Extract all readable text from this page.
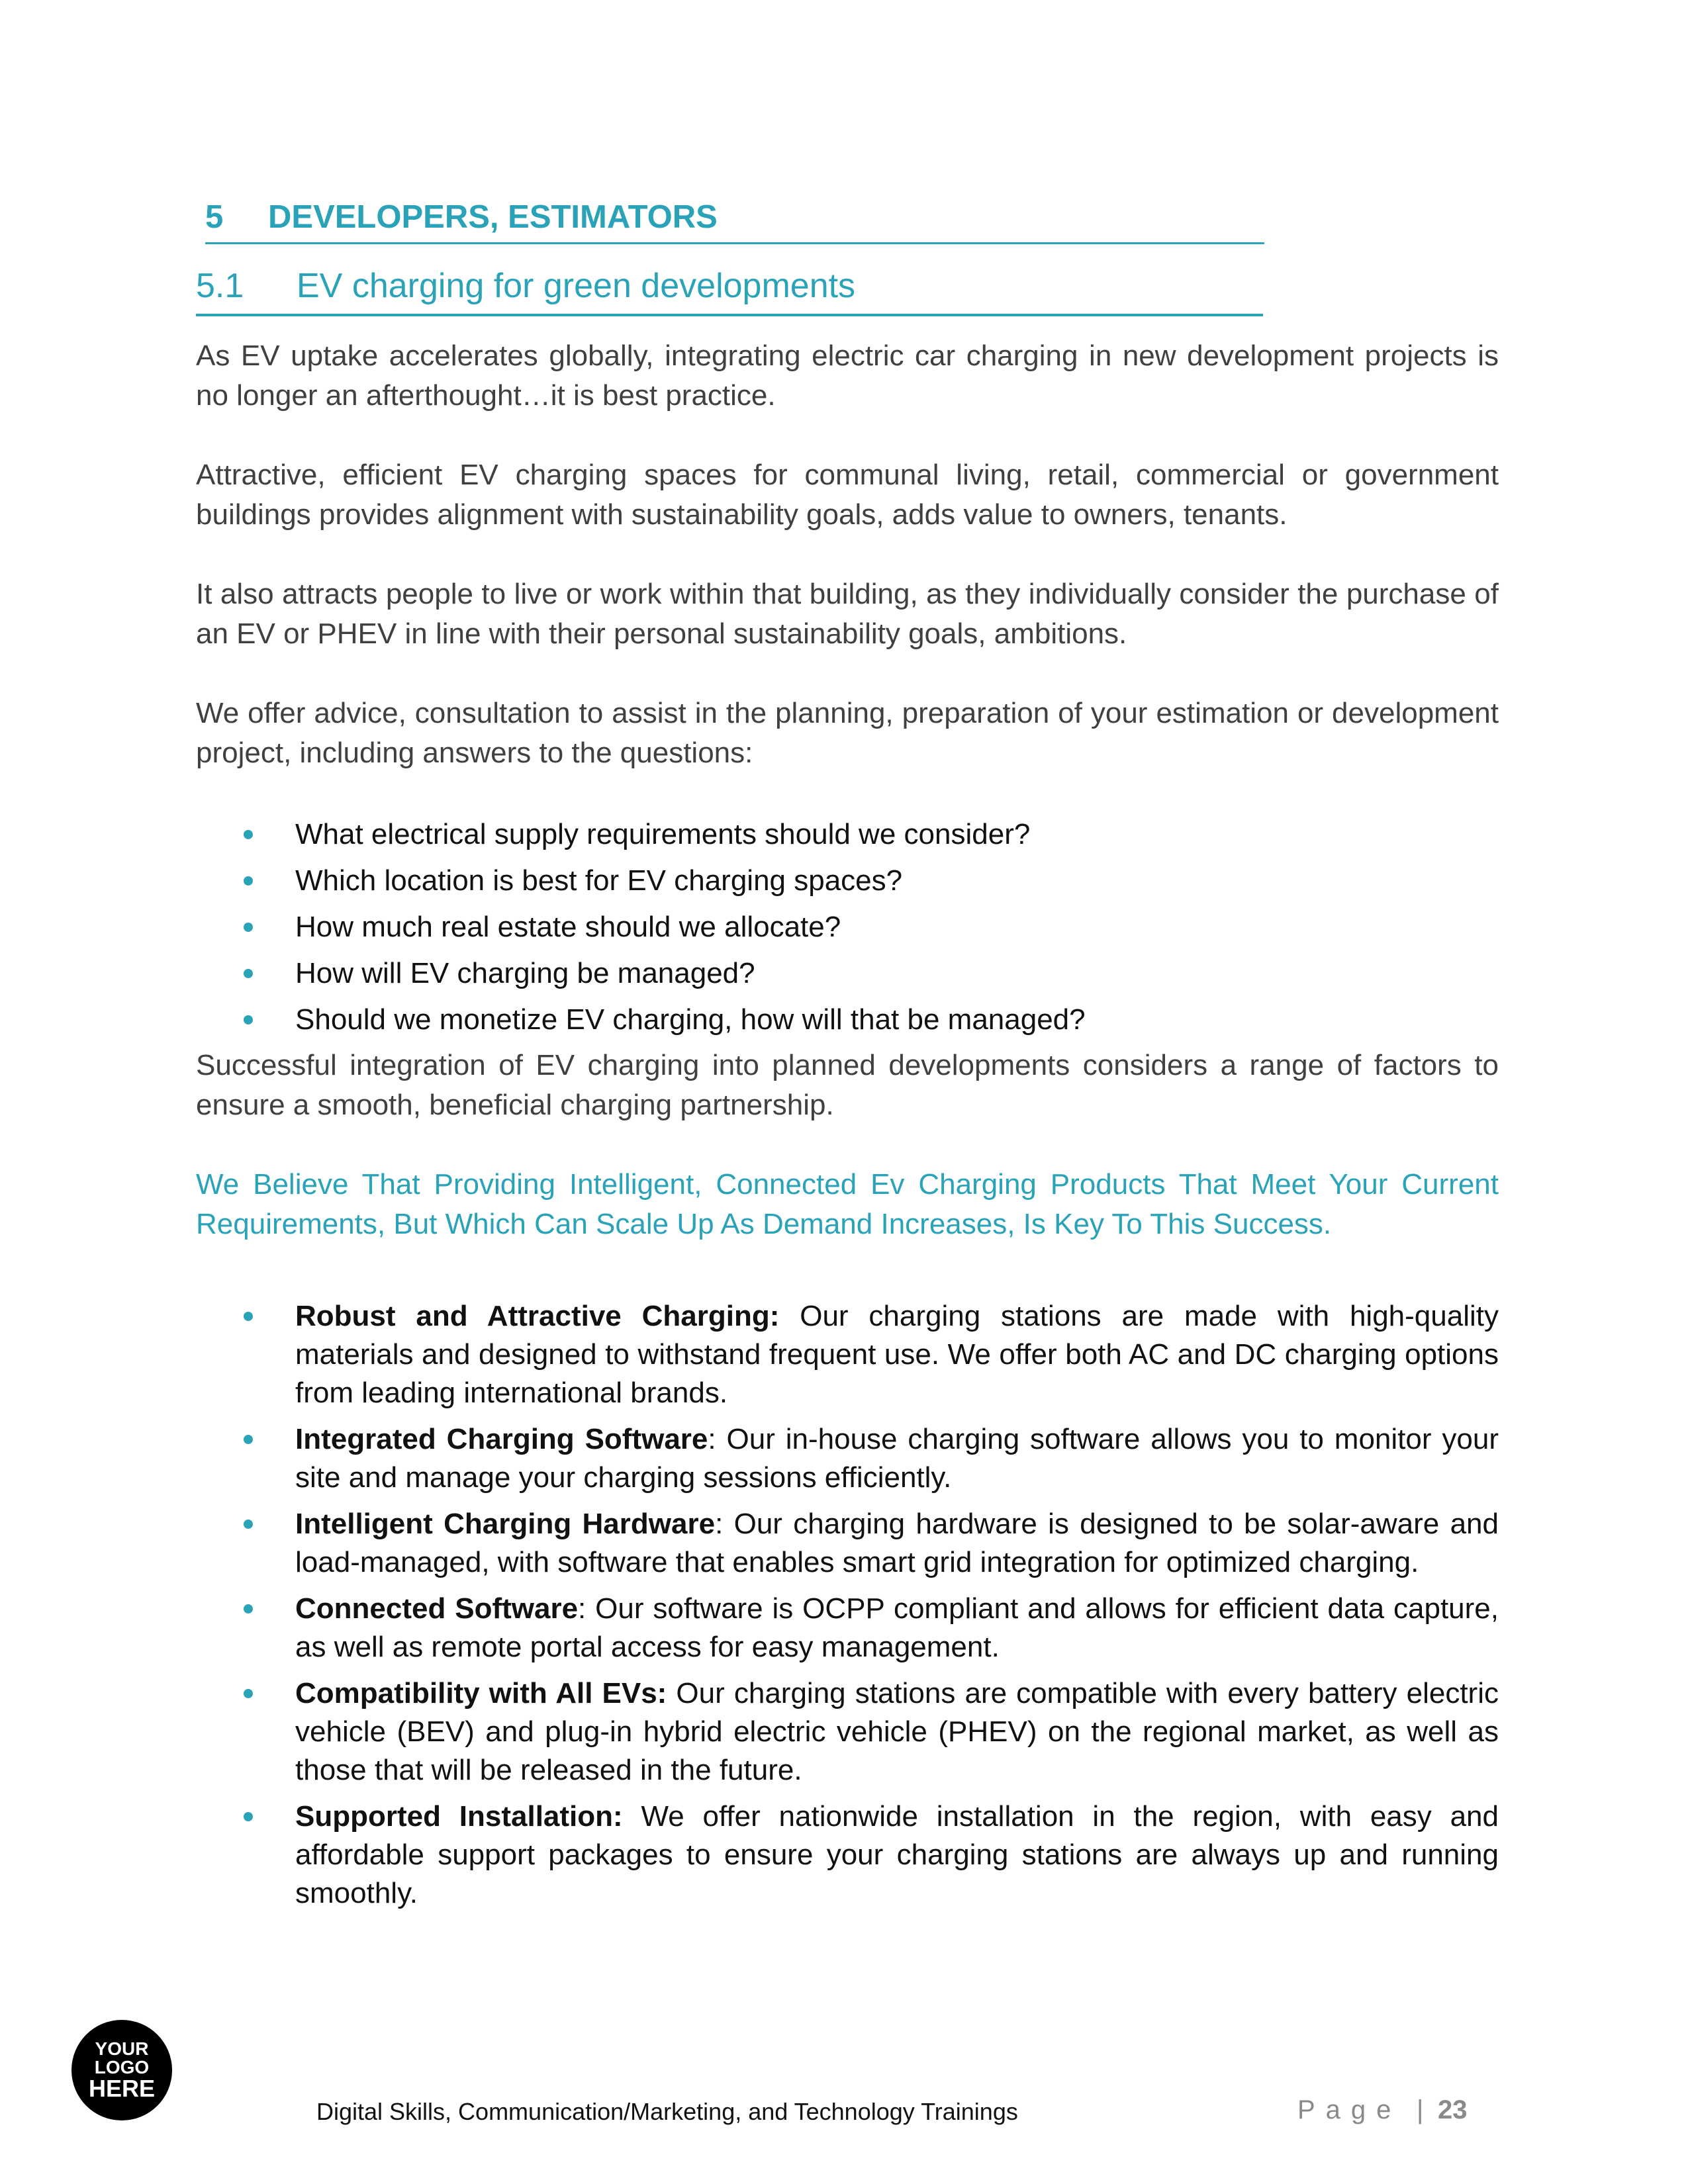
5 DEVELOPERS, ESTIMATORS
5.1 EV charging for green developments
As EV uptake accelerates globally, integrating electric car charging in new development projects is no longer an afterthought…it is best practice.
Attractive, efficient EV charging spaces for communal living, retail, commercial or government buildings provides alignment with sustainability goals, adds value to owners, tenants.
It also attracts people to live or work within that building, as they individually consider the purchase of an EV or PHEV in line with their personal sustainability goals, ambitions.
We offer advice, consultation to assist in the planning, preparation of your estimation or development project, including answers to the questions:
What electrical supply requirements should we consider?
Which location is best for EV charging spaces?
How much real estate should we allocate?
How will EV charging be managed?
Should we monetize EV charging, how will that be managed?
Successful integration of EV charging into planned developments considers a range of factors to ensure a smooth, beneficial charging partnership.
We Believe That Providing Intelligent, Connected Ev Charging Products That Meet Your Current Requirements, But Which Can Scale Up As Demand Increases, Is Key To This Success.
Robust and Attractive Charging: Our charging stations are made with high-quality materials and designed to withstand frequent use. We offer both AC and DC charging options from leading international brands.
Integrated Charging Software: Our in-house charging software allows you to monitor your site and manage your charging sessions efficiently.
Intelligent Charging Hardware: Our charging hardware is designed to be solar-aware and load-managed, with software that enables smart grid integration for optimized charging.
Connected Software: Our software is OCPP compliant and allows for efficient data capture, as well as remote portal access for easy management.
Compatibility with All EVs: Our charging stations are compatible with every battery electric vehicle (BEV) and plug-in hybrid electric vehicle (PHEV) on the regional market, as well as those that will be released in the future.
Supported Installation: We offer nationwide installation in the region, with easy and affordable support packages to ensure your charging stations are always up and running smoothly.
YOUR
LOGO
HERE
Digital Skills, Communication/Marketing, and Technology Trainings	Page | 23
